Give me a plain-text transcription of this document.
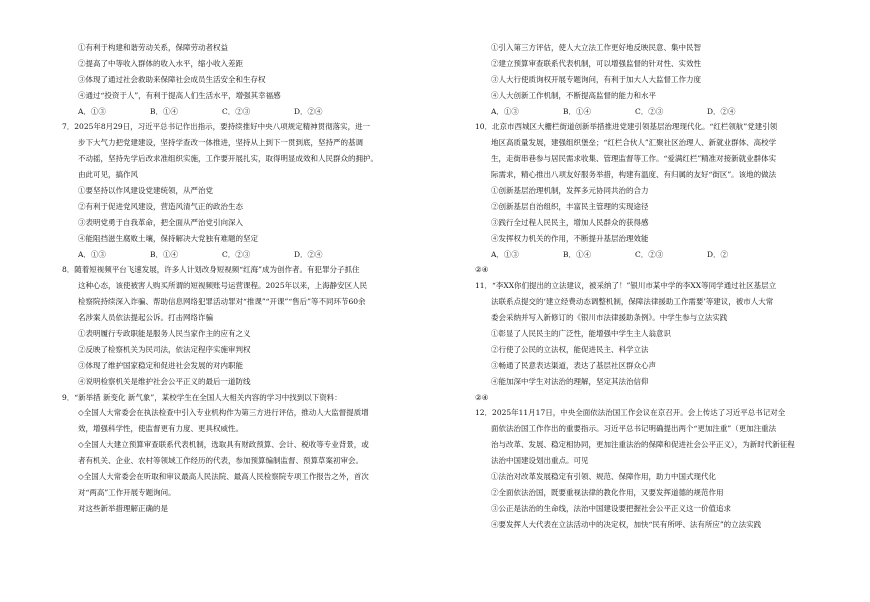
①有利于构建和谐劳动关系，保障劳动者权益
②提高了中等收入群体的收入水平，缩小收入差距
③体现了通过社会救助来保障社会成员生活安全和生存权
④通过“投资于人”，有利于提高人们生活水平，增强其幸福感
A．①③	B．①④	C．②③	D．②④
7．2025年8月29日，习近平总书记作出指示，要持续推好中央八项规定精神贯彻落实，进一
步下大气力把党建建设，坚持学查改一体推进，坚持从上到下一贯到底，坚持严的基调
不动摇，坚持先学后改求准组织实施，工作要开展扎实，取得明显成效和人民群众的拥护。
由此可见，搞作风
①要坚持以作风建设党建统领，从严治党
②有利于促进党风建设，营造风清气正的政治生态
③表明党勇于自我革命，把全面从严治党引向深入
④能阻挡滋生腐败土壤，保持解决大党独有难题的坚定
A．①③	B．①④	C．②③	D．②④
8．随着短视频平台飞速发展，许多人计划改身短视频“红海”成为创作者。有犯罪分子抓住
这种心态，该使被害人购买所谓的短视频账号运营课程。2025年以来，上海静安区人民
检察院持续深入诈骗、帮助信息网络犯罪活动罪对“推课”“开课”“售后”等不同环节60余
名涉案人员依法提起公诉。打击网络诈骗
①表明履行专政职能是服务人民当家作主的应有之义
②反映了检察机关为民司法，依法定程序实施审判权
③体现了维护国家稳定和促进社会发展的对内职能
④说明检察机关是维护社会公平正义的最后一道防线
9．“新举措 新变化 新气象”，某校学生在全国人大相关内容的学习中找到以下资料：
◇全国人大常委会在执法检查中引入专业机构作为第三方进行评估，推动人大监督提质增
效，增强科学性，使监督更有力度、更具权威性。
◇全国人大建立预算审查联系代表机制，选取具有财政预算、会计、税收等专业背景，或
者有机关、企业、农村等领域工作经历的代表，参加预算编制监督、预算草案初审会。
◇全国人大常委会在听取和审议最高人民法院、最高人民检察院专项工作报告之外，首次
对“两高”工作开展专题询问。
对这些新举措理解正确的是
①引入第三方评估，使人大立法工作更好地反映民意、集中民智
②建立预算审查联系代表机制，可以增强监督的针对性、实效性
③人大行使质询权开展专题询问，有利于加大人大监督工作力度
④人大创新工作机制，不断提高监督的能力和水平
A．①③	B．①④	C．②③	D．②④
10．北京市西城区大栅栏街道创新举措推进党建引领基层治理现代化。“红栏领航”党建引领
地区高质量发展，建强组织堡垒；“红栏合伙人”汇聚社区治理人、新就业群体、高校学
生，走街串巷参与居民需求收集、管理监督等工作。“爱满红栏”精准对接新就业群体实
际需求，精心推出八项友好服务举措，构建有温度、有归属的友好“街区”。该地的做法
①创新基层治理机制，发挥多元协同共治的合力
②创新基层自治组织，丰富民主管理的实现途径
③践行全过程人民民主，增加人民群众的获得感
④发挥权力机关的作用，不断提升基层治理效能
A．①③	B．①④	C．②③	D．②
②④
11．“李XX你们提出的立法建议，被采纳了！”银川市某中学的李XX等同学通过社区基层立
法联系点提交的‘建立经费动态调整机制，保障法律援助工作需要’等建议，被市人大常
委会采纳并写入新修订的《银川市法律援助条例》。中学生参与立法实践
①彰显了人民民主的广泛性，能增强中学生主人翁意识
②行使了公民的立法权，能促进民主、科学立法
③畅通了民意表达渠道，表达了基层社区群众心声
④能加深中学生对法治的理解，坚定其法治信仰
②④
12．2025年11月17日，中央全面依法治国工作会议在京召开。会上传达了习近平总书记对全
面依法治国工作作出的重要指示。习近平总书记明确提出两个“更加注重”（更加注重法
治与改革、发展、稳定相协同，更加注重法治的保障和促进社会公平正义），为新时代新征程
法治中国建设划出重点。可见
①法治对改革发展稳定有引领、规范、保障作用，助力中国式现代化
②全面依法治国，既要重视法律的教化作用，又要发挥道德的规范作用
③公正是法治的生命线，法治中国建设要把握社会公平正义这一价值追求
④要发挥人大代表在立法活动中的决定权，加快“民有所呼、法有所应”的立法实践
